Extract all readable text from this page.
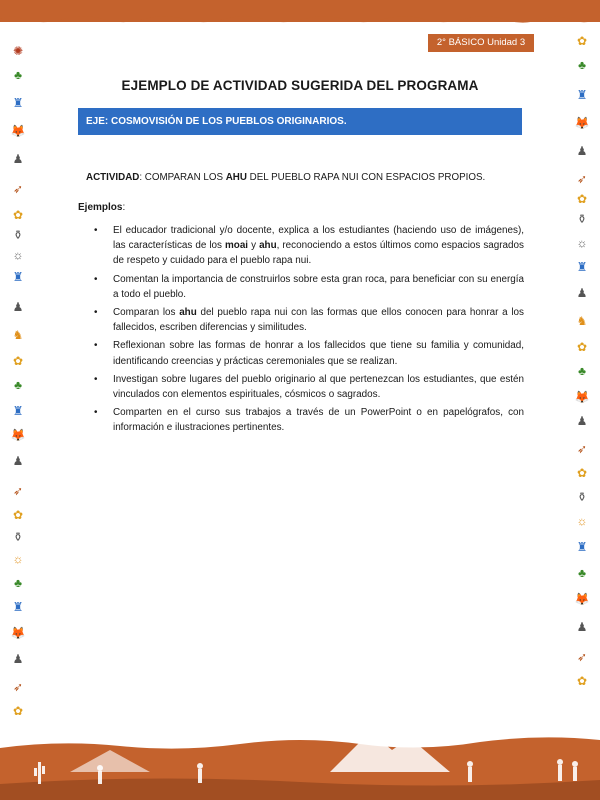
2° BÁSICO Unidad 3
✺
♣
♜
🦊
♟
➶
✿
⚱
☼
♜
♟
♞
✿
♣
♜
🦊
♟
➶
✿
⚱
☼
♣
♜
🦊
♟
➶
✿
✿
♣
♜
🦊
♟
➶
✿
⚱
☼
♜
♟
♞
✿
♣
🦊
♟
➶
✿
⚱
☼
♜
♣
🦊
♟
➶
✿
EJEMPLO DE ACTIVIDAD SUGERIDA DEL PROGRAMA
EJE: COSMOVISIÓN DE LOS PUEBLOS ORIGINARIOS.
ACTIVIDAD: COMPARAN LOS AHU DEL PUEBLO RAPA NUI CON ESPACIOS PROPIOS.
Ejemplos:
• El educador tradicional y/o docente, explica a los estudiantes (haciendo uso de imágenes), las características de los moai y ahu, reconociendo a estos últimos como espacios sagrados de respeto y cuidado para el pueblo rapa nui.
• Comentan la importancia de construirlos sobre esta gran roca, para beneficiar con su energía a todo el pueblo.
• Comparan los ahu del pueblo rapa nui con las formas que ellos conocen para honrar a los fallecidos, escriben diferencias y similitudes.
• Reflexionan sobre las formas de honrar a los fallecidos que tiene su familia y comunidad, identificando creencias y prácticas ceremoniales que se realizan.
• Investigan sobre lugares del pueblo originario al que pertenezcan los estudiantes, que estén vinculados con elementos espirituales, cósmicos o sagrados.
• Comparten en el curso sus trabajos a través de un PowerPoint o en papelógrafos, con información e ilustraciones pertinentes.
